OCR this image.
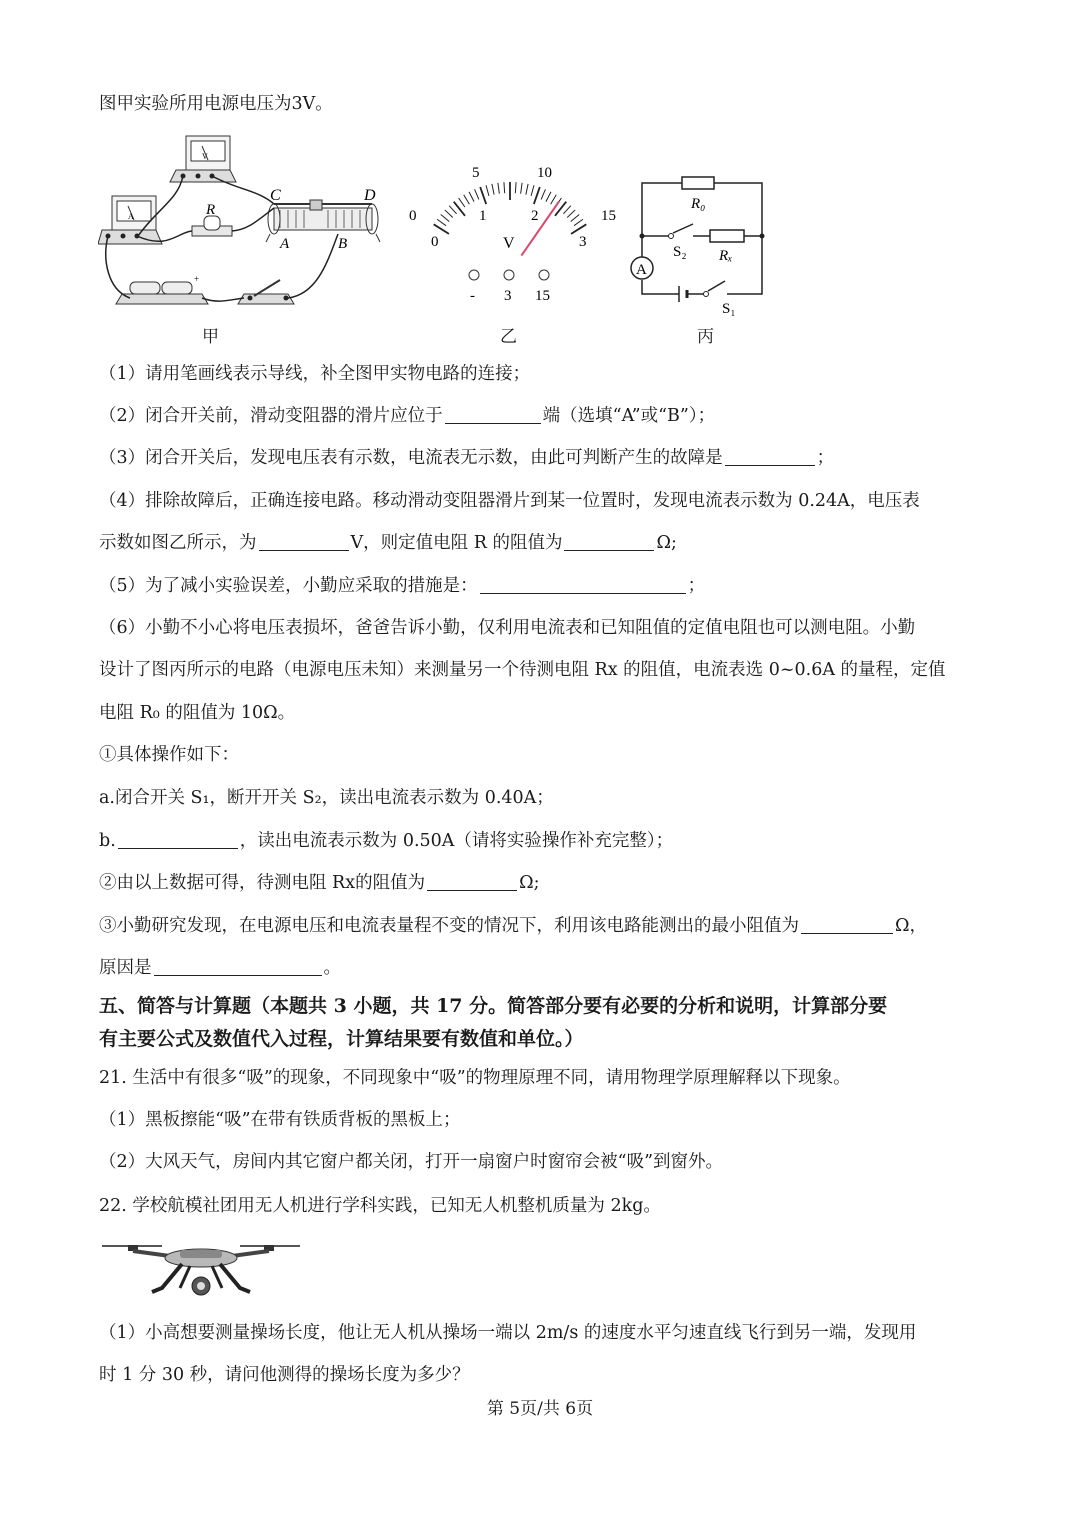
图甲实验所用电源电压为3V。
V
A	R
C	D
A	B
+
甲
0
5	10
15
0
1	2
3
V
- 3 15
乙
A
R₀
Rₓ
S₂
S₁
丙
（1）请用笔画线表示导线，补全图甲实物电路的连接；
（2）闭合开关前，滑动变阻器的滑片应位于	端（选填“A”或“B”）；
（3）闭合开关后，发现电压表有示数，电流表无示数，由此可判断产生的故障是	；
（4）排除故障后，正确连接电路。移动滑动变阻器滑片到某一位置时，发现电流表示数为 0.24A，电压表
示数如图乙所示，为	V，则定值电阻 R 的阻值为	Ω;
（5）为了减小实验误差，小勤应采取的措施是：	；
（6）小勤不小心将电压表损坏，爸爸告诉小勤，仅利用电流表和已知阻值的定值电阻也可以测电阻。小勤
设计了图丙所示的电路（电源电压未知）来测量另一个待测电阻 Rx 的阻值，电流表选 0~0.6A 的量程，定值
电阻 R₀ 的阻值为 10Ω。
①具体操作如下：
a.闭合开关 S₁，断开开关 S₂，读出电流表示数为 0.40A；
b.	，读出电流表示数为 0.50A（请将实验操作补充完整）；
②由以上数据可得，待测电阻 Rx的阻值为	Ω;
③小勤研究发现，在电源电压和电流表量程不变的情况下，利用该电路能测出的最小阻值为	Ω，
原因是	。
五、简答与计算题（本题共 3 小题，共 17 分。简答部分要有必要的分析和说明，计算部分要
有主要公式及数值代入过程，计算结果要有数值和单位。）
21. 生活中有很多“吸”的现象，不同现象中“吸”的物理原理不同，请用物理学原理解释以下现象。
（1）黑板擦能“吸”在带有铁质背板的黑板上；
（2）大风天气，房间内其它窗户都关闭，打开一扇窗户时窗帘会被“吸”到窗外。
22. 学校航模社团用无人机进行学科实践，已知无人机整机质量为 2kg。
（1）小高想要测量操场长度，他让无人机从操场一端以 2m/s 的速度水平匀速直线飞行到另一端，发现用
时 1 分 30 秒，请问他测得的操场长度为多少？
第 5页/共 6页
